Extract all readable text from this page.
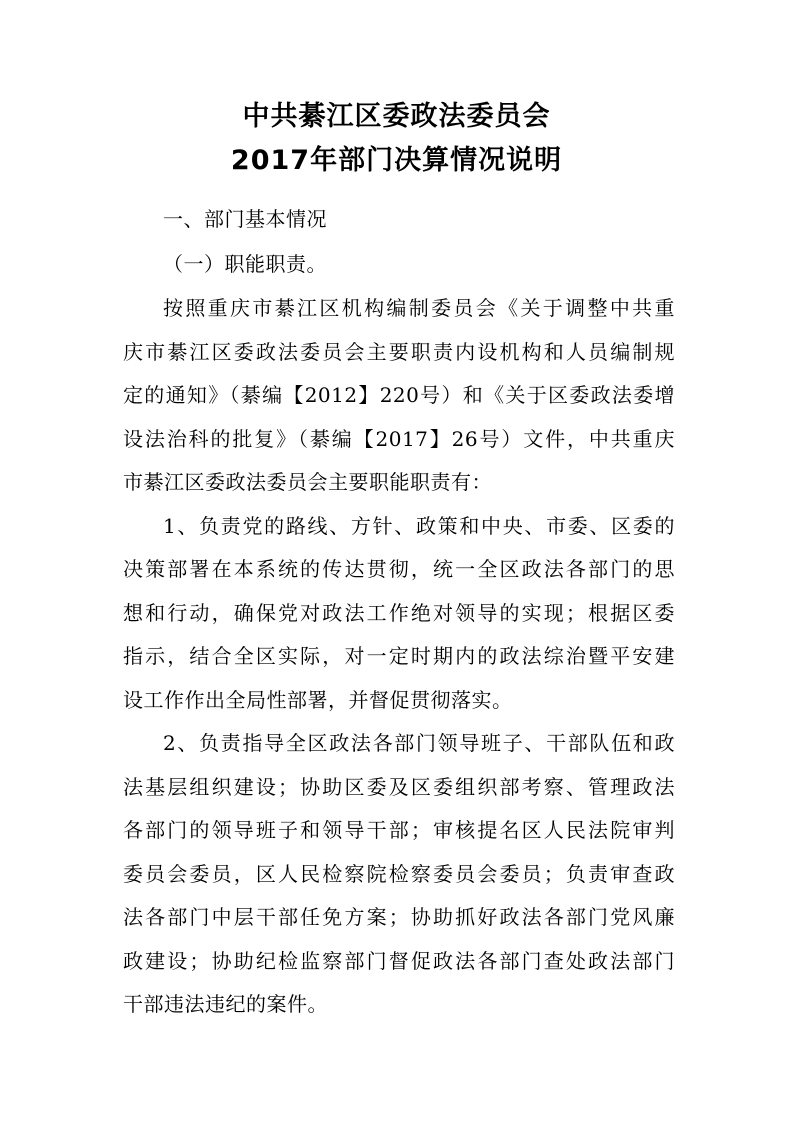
中共綦江区委政法委员会
2017年部门决算情况说明
一、部门基本情况
（一）职能职责。
按照重庆市綦江区机构编制委员会《关于调整中共重
庆市綦江区委政法委员会主要职责内设机构和人员编制规
定的通知》（綦编【2012】220号）和《关于区委政法委增
设法治科的批复》（綦编【2017】26号）文件，中共重庆
市綦江区委政法委员会主要职能职责有：
1、负责党的路线、方针、政策和中央、市委、区委的
决策部署在本系统的传达贯彻，统一全区政法各部门的思
想和行动，确保党对政法工作绝对领导的实现；根据区委
指示，结合全区实际，对一定时期内的政法综治暨平安建
设工作作出全局性部署，并督促贯彻落实。
2、负责指导全区政法各部门领导班子、干部队伍和政
法基层组织建设；协助区委及区委组织部考察、管理政法
各部门的领导班子和领导干部；审核提名区人民法院审判
委员会委员，区人民检察院检察委员会委员；负责审查政
法各部门中层干部任免方案；协助抓好政法各部门党风廉
政建设；协助纪检监察部门督促政法各部门查处政法部门
干部违法违纪的案件。
